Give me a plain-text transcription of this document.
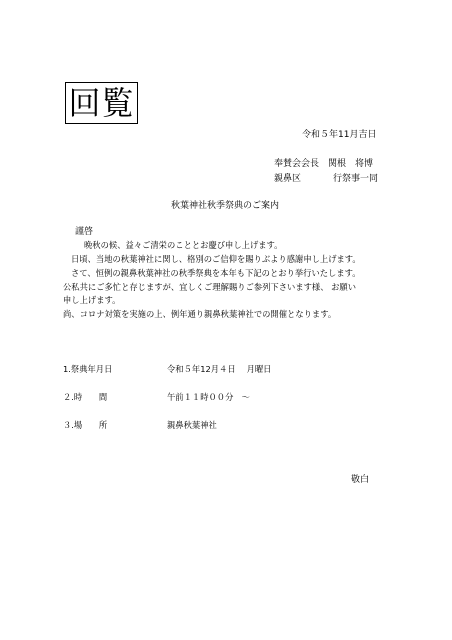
回覧
令和５年11月吉日
奉賛会会長　関根　将博
親鼻区	行祭事一同
秋葉神社秋季祭典のご案内
謹啓
晩秋の候、益々ご清栄のこととお慶び申し上げます。
日頃、当地の秋葉神社に関し、格別のご信仰を賜りぶより感謝申し上げます。
さて、恒例の親鼻秋葉神社の秋季祭典を本年も下記のとおり挙行いたします。
公私共にご多忙と存じますが、宜しくご理解賜りご参列下さいます様、 お願い
申し上げます。
尚、コロナ対策を実施の上、例年通り親鼻秋葉神社での開催となります。
1.祭典年月日	令和５年12月４日　 月曜日
２.時　　間	午前１１時００分　～
３.場　　所	親鼻秋葉神社
敬白
